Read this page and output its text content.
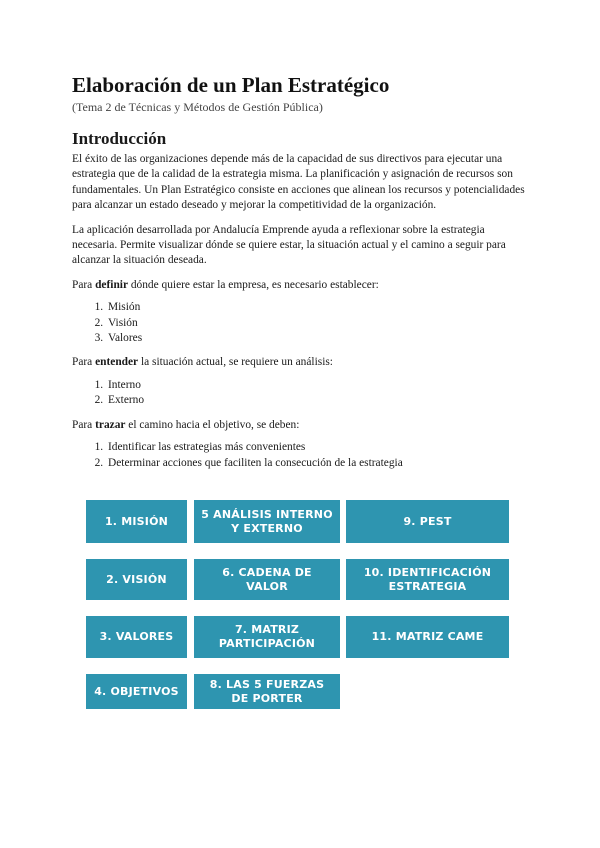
Elaboración de un Plan Estratégico
(Tema 2 de Técnicas y Métodos de Gestión Pública)
Introducción

El éxito de las organizaciones depende más de la capacidad de sus directivos para ejecutar una estrategia que de la calidad de la estrategia misma. La planificación y asignación de recursos son fundamentales. Un Plan Estratégico consiste en acciones que alinean los recursos y potencialidades para alcanzar un estado deseado y mejorar la competitividad de la organización.

La aplicación desarrollada por Andalucía Emprende ayuda a reflexionar sobre la estrategia necesaria. Permite visualizar dónde se quiere estar, la situación actual y el camino a seguir para alcanzar la situación deseada.

Para definir dónde quiere estar la empresa, es necesario establecer:

1. Misión
2. Visión
3. Valores

Para entender la situación actual, se requiere un análisis:

1. Interno
2. Externo

Para trazar el camino hacia el objetivo, se deben:

1. Identificar las estrategias más convenientes
2. Determinar acciones que faciliten la consecución de la estrategia
1. MISIÓN
2. VISIÓN
3. VALORES
4. OBJETIVOS
5 ANÁLISIS INTERNO Y EXTERNO
6. CADENA DE VALOR
7. MATRIZ PARTICIPACIÓN
8. LAS 5 FUERZAS DE PORTER
9. PEST
10. IDENTIFICACIÓN ESTRATEGIA
11. MATRIZ CAME
